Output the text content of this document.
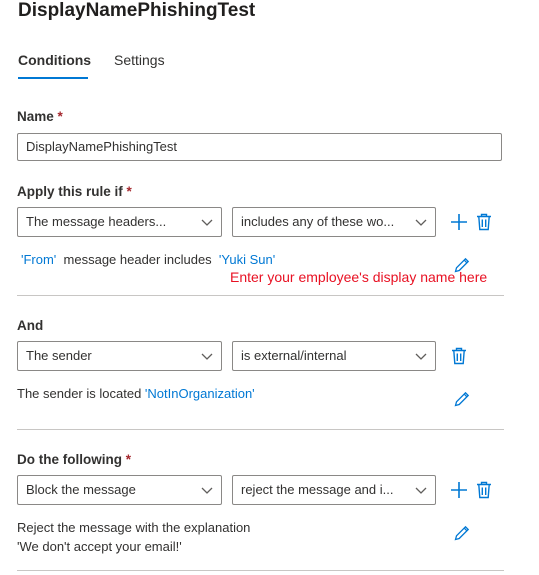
DisplayNamePhishingTest
Conditions Settings
Name *
DisplayNamePhishingTest
Apply this rule if *
The message headers...	includes any of these wo...
'From' message header includes 'Yuki Sun'
Enter your employee's display name here
And
The sender	is external/internal
The sender is located 'NotInOrganization'
Do the following *
Block the message	reject the message and i...
Reject the message with the explanation
'We don't accept your email!'
